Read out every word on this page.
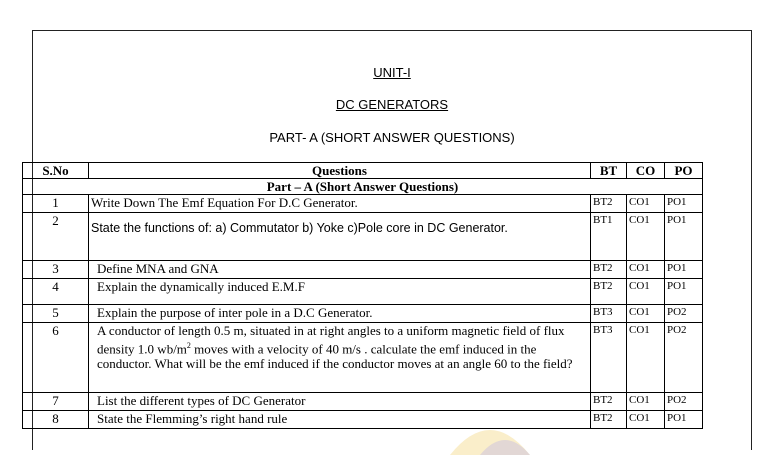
UNIT-I
DC GENERATORS
PART- A (SHORT ANSWER QUESTIONS)
S.No	Questions	BT	CO	PO
Part – A (Short Answer Questions)				
1	Write Down The Emf Equation For D.C Generator.	BT2	CO1	PO1
2	State the functions of: a) Commutator b) Yoke c)Pole core in DC Generator.	BT1	CO1	PO1
3	Define MNA and GNA	BT2	CO1	PO1
4	Explain the dynamically induced E.M.F	BT2	CO1	PO1
5	Explain the purpose of inter pole in a D.C Generator.	BT3	CO1	PO2
6	A conductor of length 0.5 m, situated in at right angles to a uniform magnetic field of flux density 1.0 $wb/m^2$ moves with a velocity of 40 m/s . calculate the emf induced in the conductor. What will be the emf induced if the conductor moves at an angle 60 to the field?	BT3	CO1	PO2
7	List the different types of DC Generator	BT2	CO1	PO2
8	State the Flemming’s right hand rule	BT2	CO1	PO1
